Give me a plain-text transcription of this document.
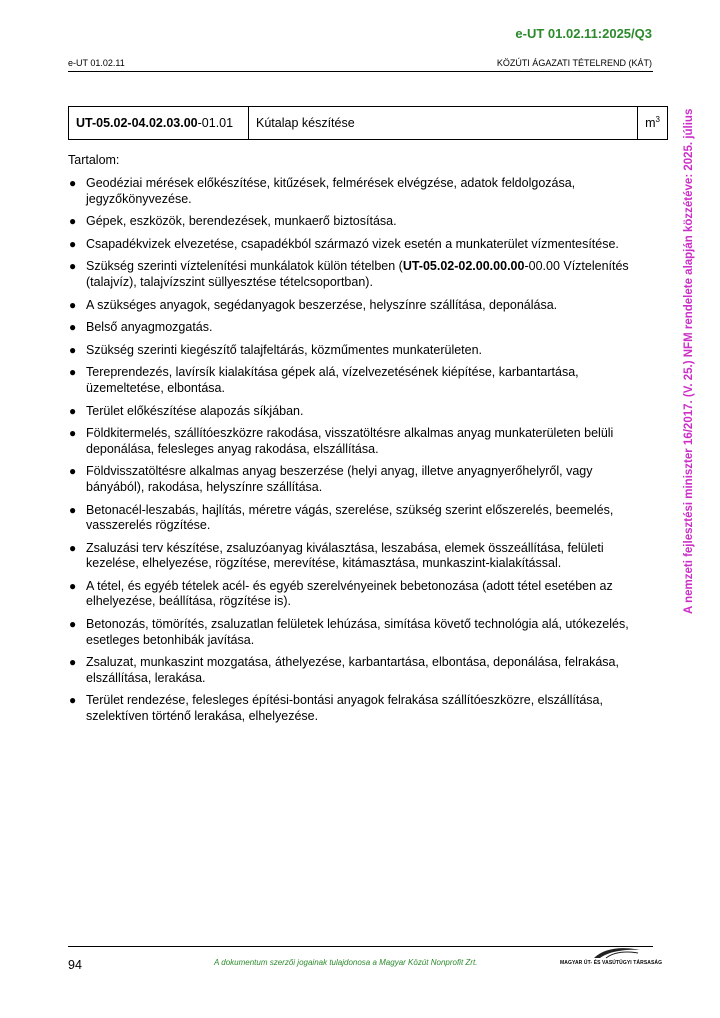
e-UT 01.02.11:2025/Q3
e-UT 01.02.11	KÖZÚTI ÁGAZATI TÉTELREND (KÁT)
UT-05.02-04.02.03.00-01.01	Kútalap készítése	$m^3$
Tartalom:
● Geodéziai mérések előkészítése, kitűzések, felmérések elvégzése, adatok feldolgozása, jegyzőkönyvezése.
● Gépek, eszközök, berendezések, munkaerő biztosítása.
● Csapadékvizek elvezetése, csapadékból származó vizek esetén a munkaterület vízmentesítése.
● Szükség szerinti víztelenítési munkálatok külön tételben (UT-05.02-02.00.00.00-00.00 Víztelenítés (talajvíz), talajvízszint süllyesztése tételcsoportban).
● A szükséges anyagok, segédanyagok beszerzése, helyszínre szállítása, deponálása.
● Belső anyagmozgatás.
● Szükség szerinti kiegészítő talajfeltárás, közműmentes munkaterületen.
● Tereprendezés, lavírsík kialakítása gépek alá, vízelvezetésének kiépítése, karbantartása, üzemeltetése, elbontása.
● Terület előkészítése alapozás síkjában.
● Földkitermelés, szállítóeszközre rakodása, visszatöltésre alkalmas anyag munkaterületen belüli deponálása, felesleges anyag rakodása, elszállítása.
● Földvisszatöltésre alkalmas anyag beszerzése (helyi anyag, illetve anyagnyerőhelyről, vagy bányából), rakodása, helyszínre szállítása.
● Betonacél-leszabás, hajlítás, méretre vágás, szerelése, szükség szerint előszerelés, beemelés, vasszerelés rögzítése.
● Zsaluzási terv készítése, zsaluzóanyag kiválasztása, leszabása, elemek összeállítása, felületi kezelése, elhelyezése, rögzítése, merevítése, kitámasztása, munkaszint-kialakítással.
● A tétel, és egyéb tételek acél- és egyéb szerelvényeinek bebetonozása (adott tétel esetében az elhelyezése, beállítása, rögzítése is).
● Betonozás, tömörítés, zsaluzatlan felületek lehúzása, simítása követő technológia alá, utókezelés, esetleges betonhibák javítása.
● Zsaluzat, munkaszint mozgatása, áthelyezése, karbantartása, elbontása, deponálása, felrakása, elszállítása, lerakása.
● Terület rendezése, felesleges építési-bontási anyagok felrakása szállítóeszközre, elszállítása, szelektíven történő lerakása, elhelyezése.
A nemzeti fejlesztési miniszter 16/2017. (V. 25.) NFM rendelete alapján közzétéve: 2025. július
94	A dokumentum szerzői jogainak tulajdonosa a Magyar Közút Nonprofit Zrt.	MAGYAR ÚT- ÉS VASÚTÜGYI TÁRSASÁG
